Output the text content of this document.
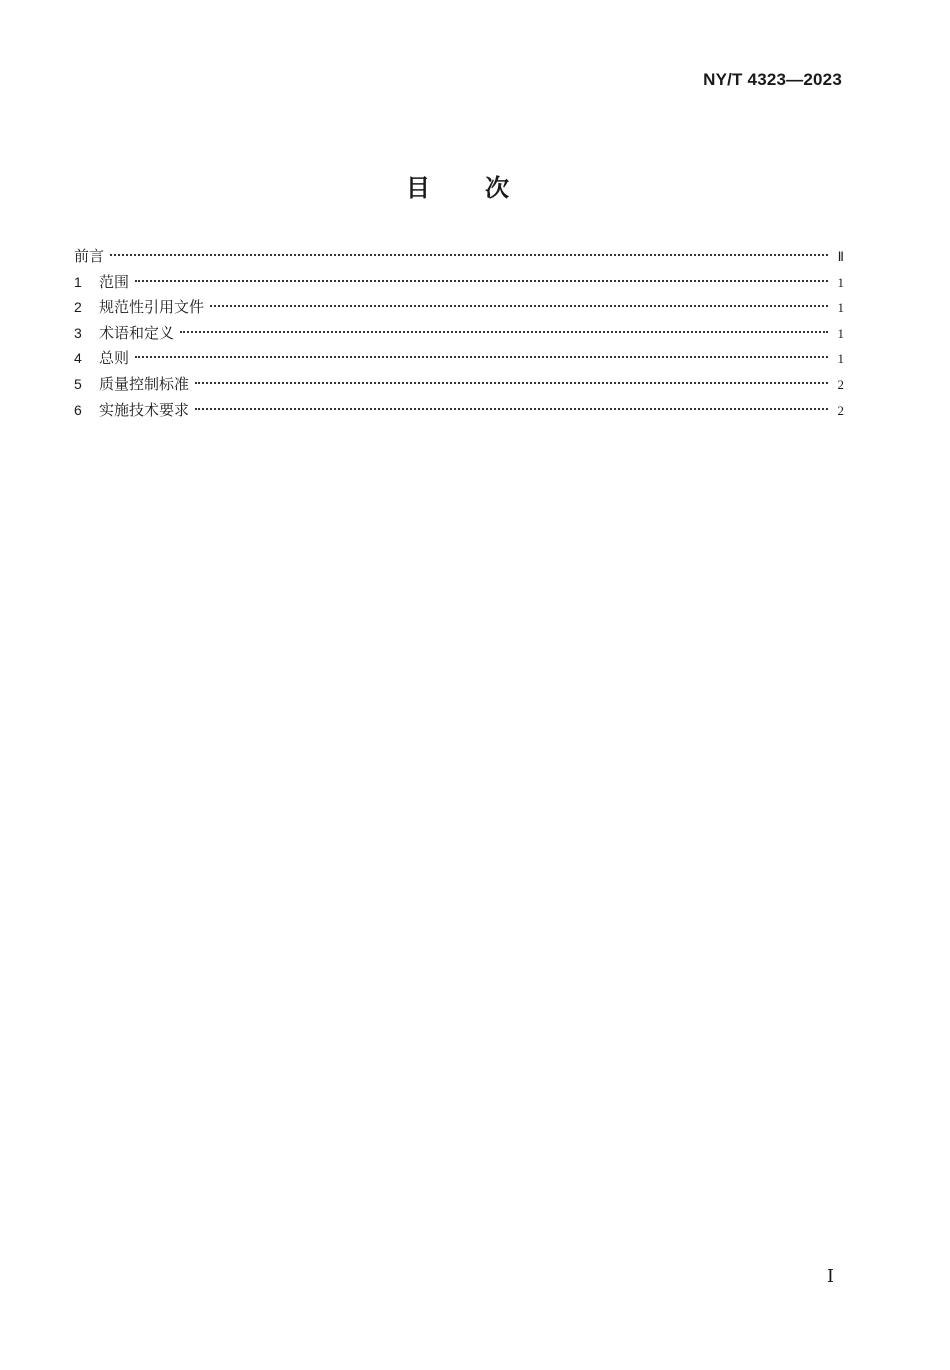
NY/T 4323—2023
目次
前言	Ⅱ
1	范围	1
2	规范性引用文件	1
3	术语和定义	1
4	总则	1
5	质量控制标准	2
6	实施技术要求	2
Ⅰ
